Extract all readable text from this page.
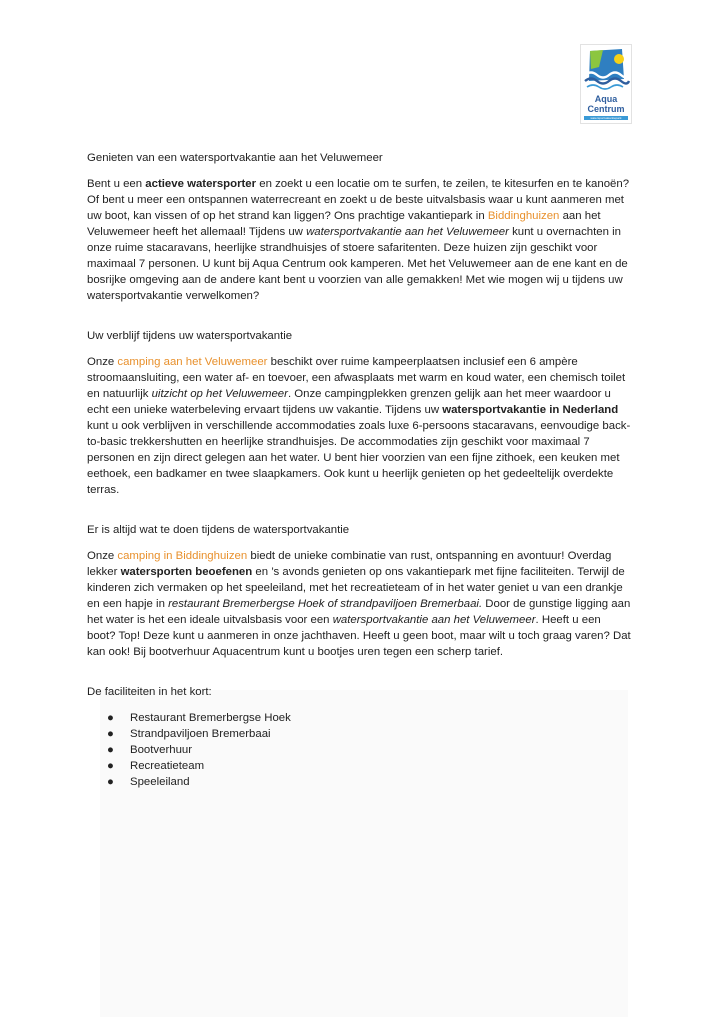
Aqua
Centrum
watersportvakantiepark

Genieten van een watersportvakantie aan het Veluwemeer

Bent u een actieve watersporter en zoekt u een locatie om te surfen, te zeilen, te kitesurfen en te kanoën? Of bent u meer een ontspannen waterrecreant en zoekt u de beste uitvalsbasis waar u kunt aanmeren met uw boot, kan vissen of op het strand kan liggen? Ons prachtige vakantiepark in Biddinghuizen aan het Veluwemeer heeft het allemaal! Tijdens uw watersportvakantie aan het Veluwemeer kunt u overnachten in onze ruime stacaravans, heerlijke strandhuisjes of stoere safaritenten. Deze huizen zijn geschikt voor maximaal 7 personen. U kunt bij Aqua Centrum ook kamperen. Met het Veluwemeer aan de ene kant en de bosrijke omgeving aan de andere kant bent u voorzien van alle gemakken! Met wie mogen wij u tijdens uw watersportvakantie verwelkomen?

Uw verblijf tijdens uw watersportvakantie

Onze camping aan het Veluwemeer beschikt over ruime kampeerplaatsen inclusief een 6 ampère stroomaansluiting, een water af- en toevoer, een afwasplaats met warm en koud water, een chemisch toilet en natuurlijk uitzicht op het Veluwemeer. Onze campingplekken grenzen gelijk aan het meer waardoor u echt een unieke waterbeleving ervaart tijdens uw vakantie. Tijdens uw watersportvakantie in Nederland kunt u ook verblijven in verschillende accommodaties zoals luxe 6-persoons stacaravans, eenvoudige back-to-basic trekkershutten en heerlijke strandhuisjes. De accommodaties zijn geschikt voor maximaal 7 personen en zijn direct gelegen aan het water. U bent hier voorzien van een fijne zithoek, een keuken met eethoek, een badkamer en twee slaapkamers. Ook kunt u heerlijk genieten op het gedeeltelijk overdekte terras.

Er is altijd wat te doen tijdens de watersportvakantie

Onze camping in Biddinghuizen biedt de unieke combinatie van rust, ontspanning en avontuur! Overdag lekker watersporten beoefenen en ’s avonds genieten op ons vakantiepark met fijne faciliteiten. Terwijl de kinderen zich vermaken op het speeleiland, met het recreatieteam of in het water geniet u van een drankje en een hapje in restaurant Bremerbergse Hoek of strandpaviljoen Bremerbaai. Door de gunstige ligging aan het water is het een ideale uitvalsbasis voor een watersportvakantie aan het Veluwemeer. Heeft u een boot? Top! Deze kunt u aanmeren in onze jachthaven. Heeft u geen boot, maar wilt u toch graag varen? Dat kan ook! Bij bootverhuur Aquacentrum kunt u bootjes uren tegen een scherp tarief.

De faciliteiten in het kort:

● Restaurant Bremerbergse Hoek
● Strandpaviljoen Bremerbaai
● Bootverhuur
● Recreatieteam
● Speeleiland
